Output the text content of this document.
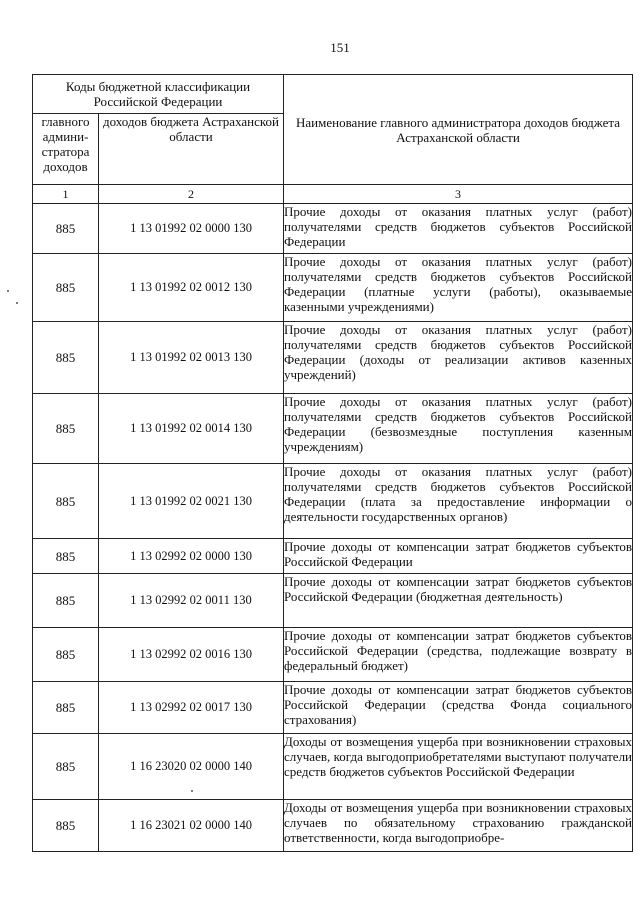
151
Коды бюджетной классификации Российской Федерации		Наименование главного администратора доходов бюджета Астраханской области
главного админи-стратора доходов	доходов бюджета Астраханской области	
1	2	3
885	1 13 01992 02 0000 130	Прочие доходы от оказания платных услуг (работ) получателями средств бюджетов субъектов Российской Федерации
885	1 13 01992 02 0012 130	Прочие доходы от оказания платных услуг (работ) получателями средств бюджетов субъектов Российской Федерации (платные услуги (работы), оказываемые казенными учреждениями)
885	1 13 01992 02 0013 130	Прочие доходы от оказания платных услуг (работ) получателями средств бюджетов субъектов Российской Федерации (доходы от реализации активов казенных учреждений)
885	1 13 01992 02 0014 130	Прочие доходы от оказания платных услуг (работ) получателями средств бюджетов субъектов Российской Федерации (безвозмездные поступления казенным учреждениям)
885	1 13 01992 02 0021 130	Прочие доходы от оказания платных услуг (работ) получателями средств бюджетов субъектов Российской Федерации (плата за предоставление информации о деятельности государственных органов)
885	1 13 02992 02 0000 130	Прочие доходы от компенсации затрат бюджетов субъектов Российской Федерации
885	1 13 02992 02 0011 130	Прочие доходы от компенсации затрат бюджетов субъектов Российской Федерации (бюджетная деятельность)
885	1 13 02992 02 0016 130	Прочие доходы от компенсации затрат бюджетов субъектов Российской Федерации (средства, подлежащие возврату в федеральный бюджет)
885	1 13 02992 02 0017 130	Прочие доходы от компенсации затрат бюджетов субъектов Российской Федерации (средства Фонда социального страхования)
885	1 16 23020 02 0000 140	Доходы от возмещения ущерба при возникновении страховых случаев, когда выгодоприобретателями выступают получатели средств бюджетов субъектов Российской Федерации
885	1 16 23021 02 0000 140	Доходы от возмещения ущерба при возникновении страховых случаев по обязательному страхованию гражданской ответственности, когда выгодоприобре-
